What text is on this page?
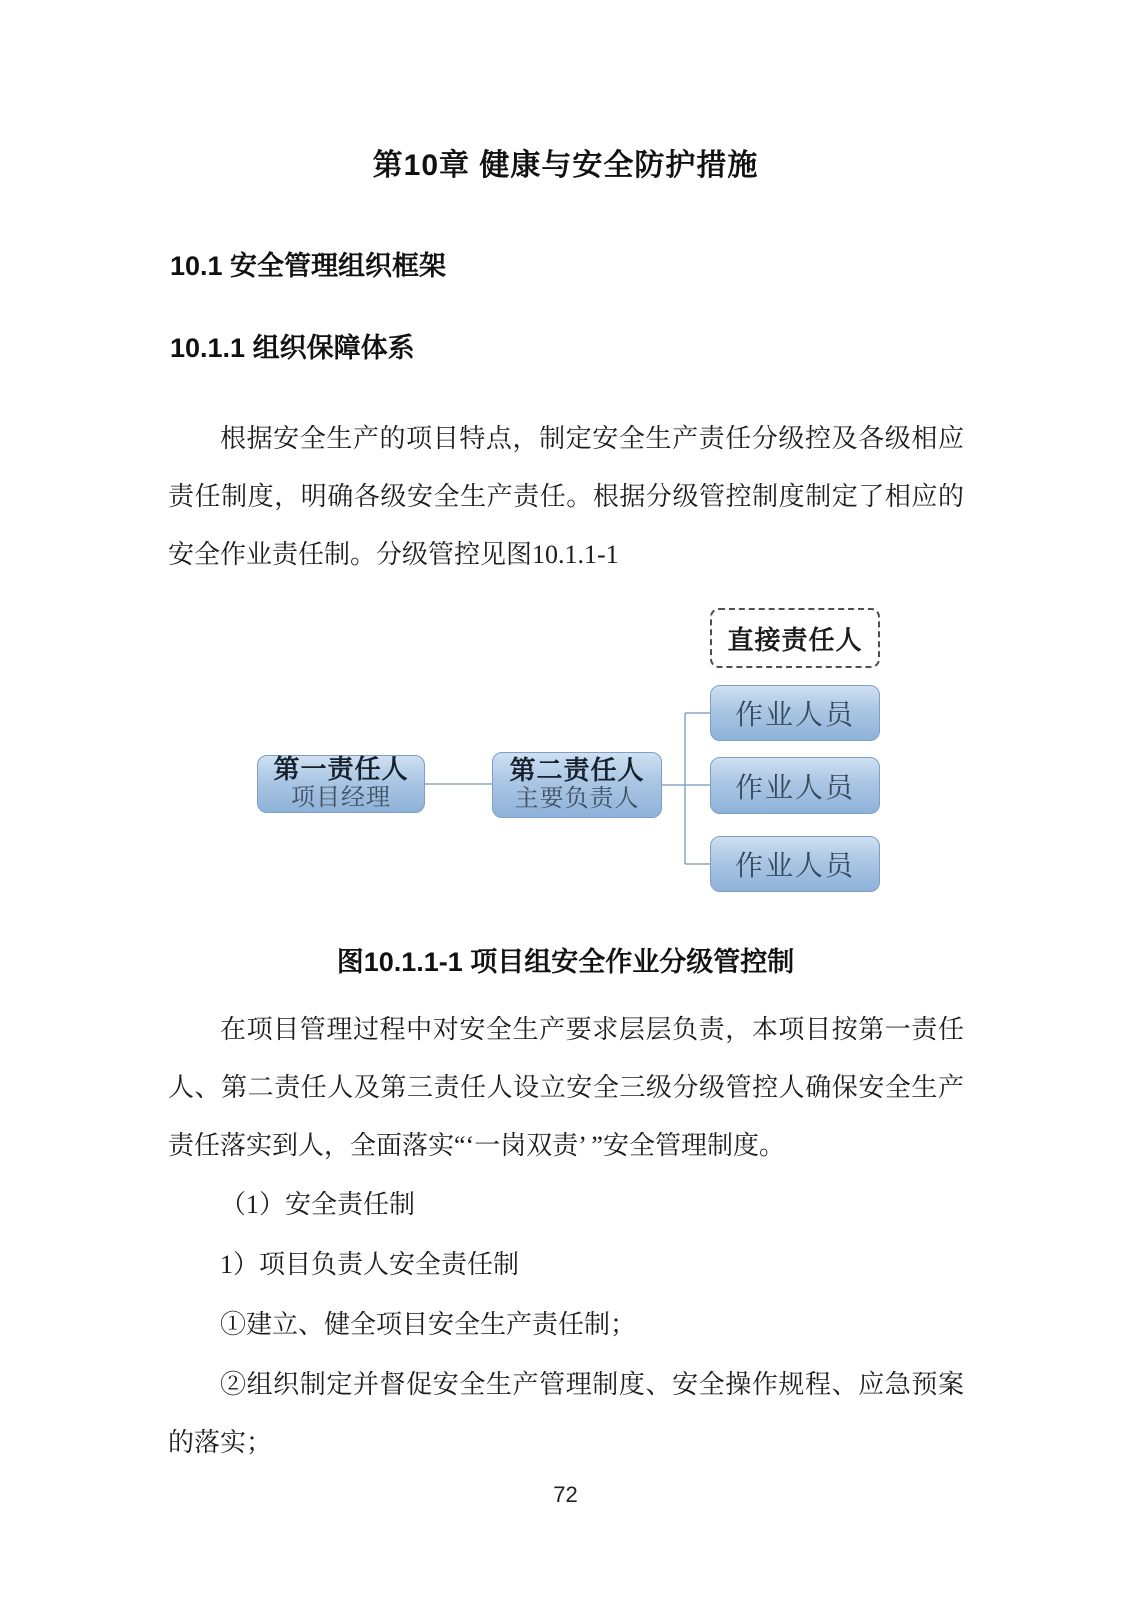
第10章 健康与安全防护措施
10.1 安全管理组织框架
10.1.1 组织保障体系
根据安全生产的项目特点，制定安全生产责任分级控及各级相应责任制度，明确各级安全生产责任。根据分级管控制度制定了相应的安全作业责任制。分级管控见图10.1.1-1
直接责任人
作业人员
作业人员
作业人员
第一责任人
项目经理
第二责任人
主要负责人
图10.1.1-1 项目组安全作业分级管控制
在项目管理过程中对安全生产要求层层负责，本项目按第一责任人、第二责任人及第三责任人设立安全三级分级管控人确保安全生产责任落实到人，全面落实“‘一岗双责’ ”安全管理制度。
（1）安全责任制
1）项目负责人安全责任制
①建立、健全项目安全生产责任制；
②组织制定并督促安全生产管理制度、安全操作规程、应急预案的落实；
72
